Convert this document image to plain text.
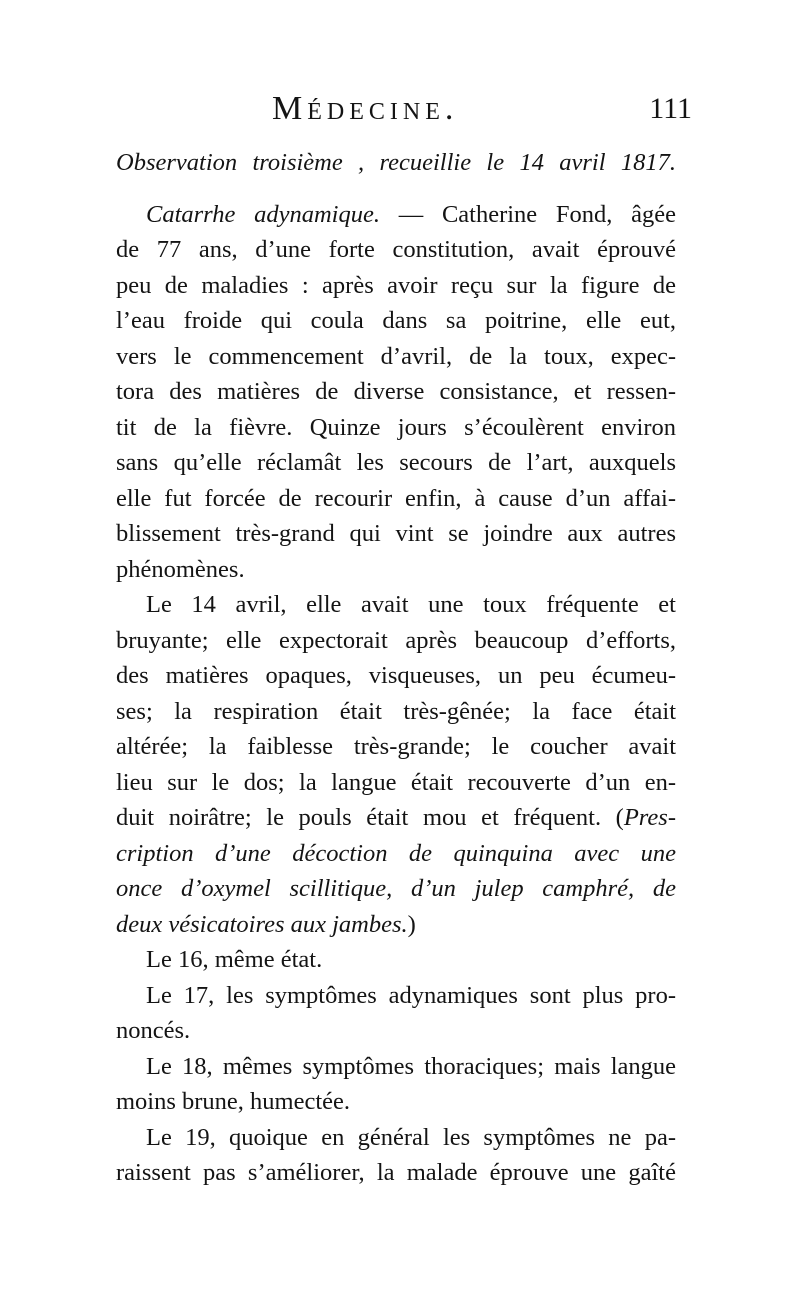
Médecine.	111
Observation troisième , recueillie le 14 avril 1817.
Catarrhe adynamique. — Catherine Fond, âgée
de 77 ans, d’une forte constitution, avait éprouvé
peu de maladies : après avoir reçu sur la figure de
l’eau froide qui coula dans sa poitrine, elle eut,
vers le commencement d’avril, de la toux, expec-
tora des matières de diverse consistance, et ressen-
tit de la fièvre. Quinze jours s’écoulèrent environ
sans qu’elle réclamât les secours de l’art, auxquels
elle fut forcée de recourir enfin, à cause d’un affai-
blissement très-grand qui vint se joindre aux autres
phénomènes.
Le 14 avril, elle avait une toux fréquente et
bruyante; elle expectorait après beaucoup d’efforts,
des matières opaques, visqueuses, un peu écumeu-
ses; la respiration était très-gênée; la face était
altérée; la faiblesse très-grande; le coucher avait
lieu sur le dos; la langue était recouverte d’un en-
duit noirâtre; le pouls était mou et fréquent. (Pres-
cription d’une décoction de quinquina avec une
once d’oxymel scillitique, d’un julep camphré, de
deux vésicatoires aux jambes.)
Le 16, même état.
Le 17, les symptômes adynamiques sont plus pro-
noncés.
Le 18, mêmes symptômes thoraciques; mais langue
moins brune, humectée.
Le 19, quoique en général les symptômes ne pa-
raissent pas s’améliorer, la malade éprouve une gaîté
